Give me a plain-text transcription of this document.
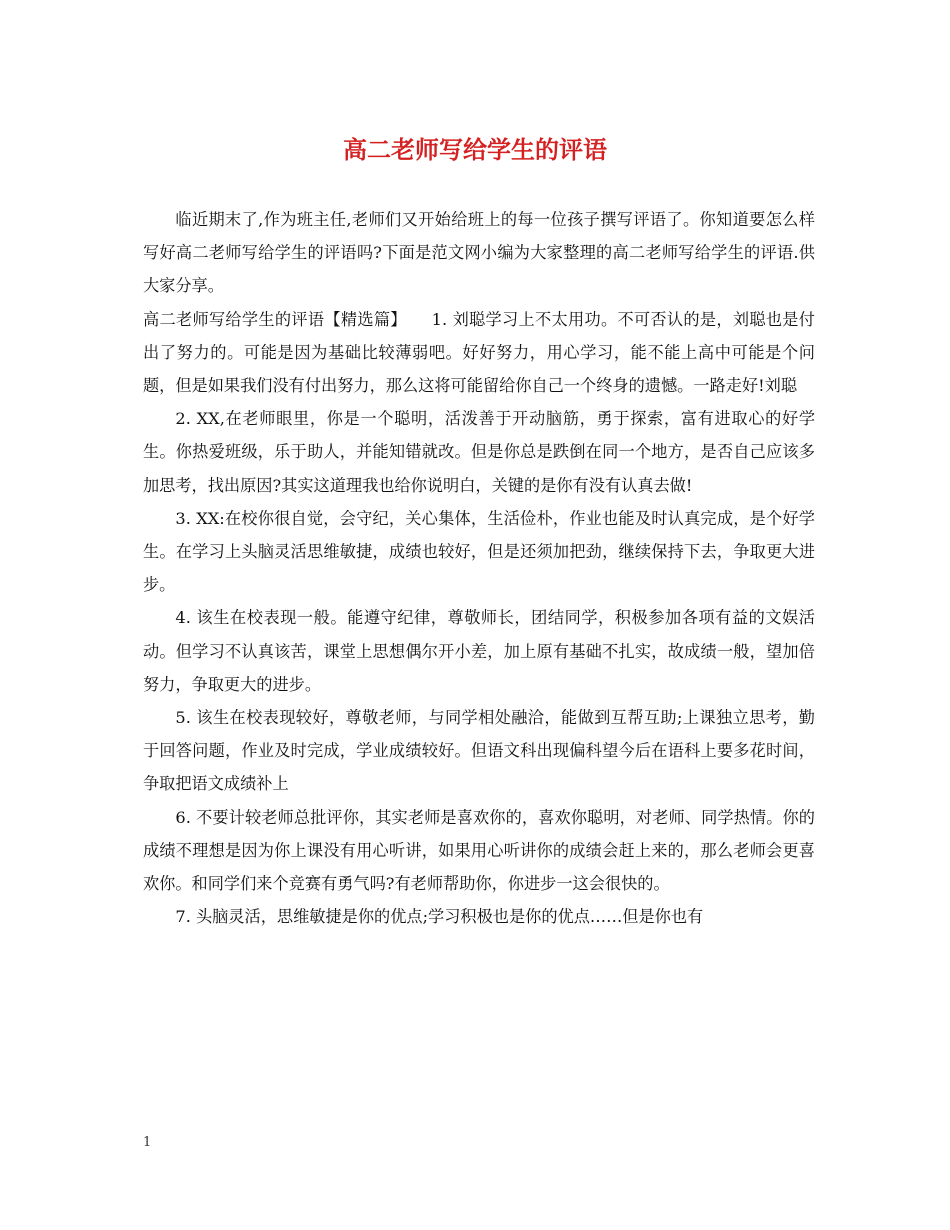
高二老师写给学生的评语

临近期末了,作为班主任,老师们又开始给班上的每一位孩子撰写评语了。你知道要怎么样写好高二老师写给学生的评语吗?下面是范文网小编为大家整理的高二老师写给学生的评语.供大家分享。

高二老师写给学生的评语【精选篇】　　1. 刘聪学习上不太用功。不可否认的是，刘聪也是付出了努力的。可能是因为基础比较薄弱吧。好好努力，用心学习，能不能上高中可能是个问题，但是如果我们没有付出努力，那么这将可能留给你自己一个终身的遗憾。一路走好!刘聪

2. XX,在老师眼里，你是一个聪明，活泼善于开动脑筋，勇于探索，富有进取心的好学生。你热爱班级，乐于助人，并能知错就改。但是你总是跌倒在同一个地方，是否自己应该多加思考，找出原因?其实这道理我也给你说明白，关键的是你有没有认真去做!

3. XX:在校你很自觉，会守纪，关心集体，生活俭朴，作业也能及时认真完成，是个好学生。在学习上头脑灵活思维敏捷，成绩也较好，但是还须加把劲，继续保持下去，争取更大进步。

4. 该生在校表现一般。能遵守纪律，尊敬师长，团结同学，积极参加各项有益的文娱活动。但学习不认真该苦，课堂上思想偶尔开小差，加上原有基础不扎实，故成绩一般，望加倍努力，争取更大的进步。

5. 该生在校表现较好，尊敬老师，与同学相处融洽，能做到互帮互助;上课独立思考，勤于回答问题，作业及时完成，学业成绩较好。但语文科出现偏科望今后在语科上要多花时间，争取把语文成绩补上

6. 不要计较老师总批评你，其实老师是喜欢你的，喜欢你聪明，对老师、同学热情。你的成绩不理想是因为你上课没有用心听讲，如果用心听讲你的成绩会赶上来的，那么老师会更喜欢你。和同学们来个竞赛有勇气吗?有老师帮助你，你进步一这会很快的。

7. 头脑灵活，思维敏捷是你的优点;学习积极也是你的优点……但是你也有

1
